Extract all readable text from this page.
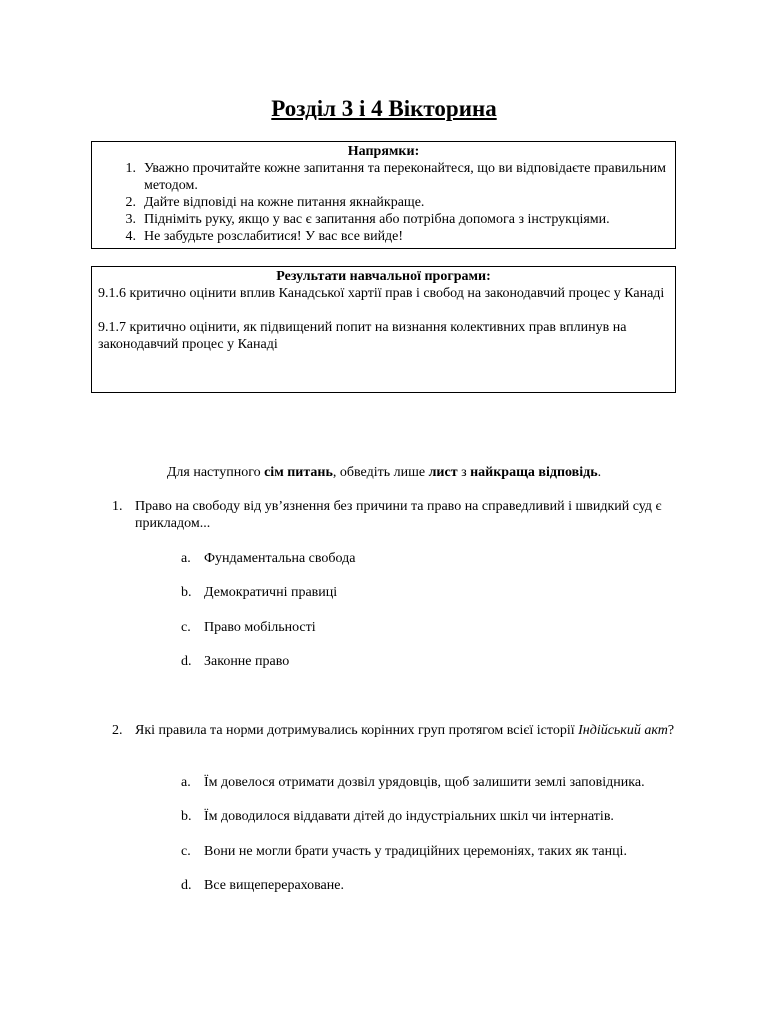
Розділ 3 і 4 Вікторина
Напрямки:
1. Уважно прочитайте кожне запитання та переконайтеся, що ви відповідаєте правильним методом.
2. Дайте відповіді на кожне питання якнайкраще.
3. Підніміть руку, якщо у вас є запитання або потрібна допомога з інструкціями.
4. Не забудьте розслабитися! У вас все вийде!
Результати навчальної програми:
9.1.6 критично оцінити вплив Канадської хартії прав і свобод на законодавчий процес у Канаді
9.1.7 критично оцінити, як підвищений попит на визнання колективних прав вплинув на законодавчий процес у Канаді
Для наступного сім питань, обведіть лише лист з найкраща відповідь.
1. Право на свободу від ув’язнення без причини та право на справедливий і швидкий суд є прикладом...
a. Фундаментальна свобода
b. Демократичні правиці
c. Право мобільності
d. Законне право
2. Які правила та норми дотримувались корінних груп протягом всієї історії Індійський акт?
a. Їм довелося отримати дозвіл урядовців, щоб залишити землі заповідника.
b. Їм доводилося віддавати дітей до індустріальних шкіл чи інтернатів.
c. Вони не могли брати участь у традиційних церемоніях, таких як танці.
d. Все вищеперераховане.
